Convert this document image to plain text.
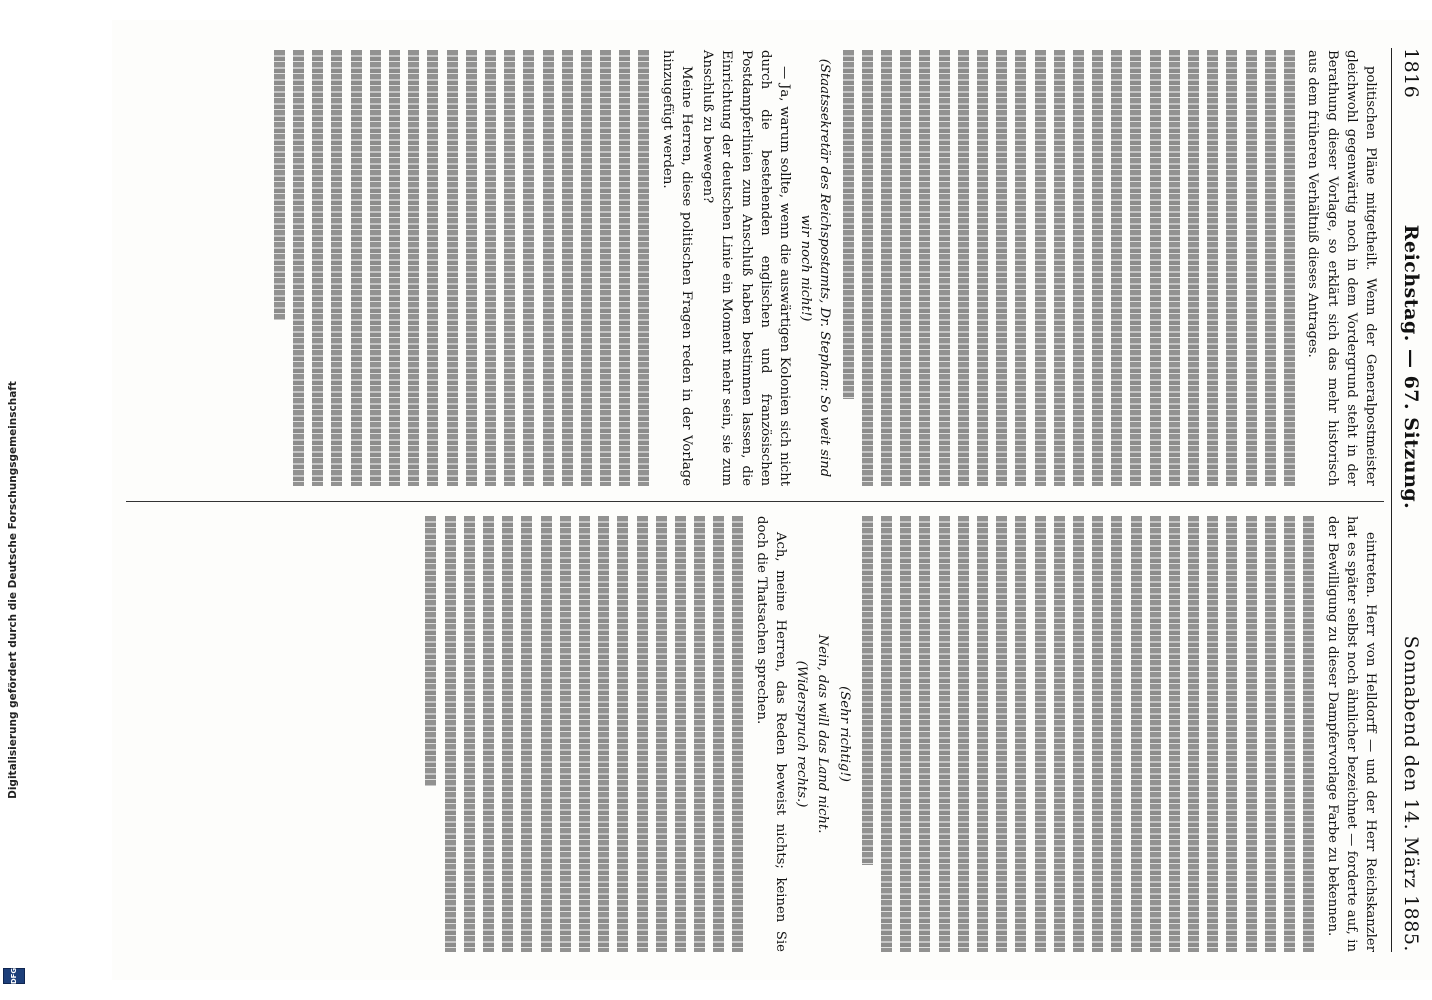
Digitalisierung gefördert durch die Deutsche Forschungsgemeinschaft
DFG
1816
Reichstag. — 67. Sitzung.
Sonnabend den 14. März 1885.

politischen Pläne mitgetheilt. Wenn der Generalpostmeister gleichwohl gegenwärtig noch in dem Vordergrund steht in der Berathung dieser Vorlage, so erklärt sich das mehr historisch aus dem früheren Verhältniß dieses Antrages.

(Staatssekretär des Reichspostamts, Dr. Stephan: So weit sind wir noch nicht!)

— Ja, warum sollte, wenn die auswärtigen Kolonien sich nicht durch die bestehenden englischen und französischen Postdampferlinien zum Anschluß haben bestimmen lassen, die Einrichtung der deutschen Linie ein Moment mehr sein, sie zum Anschluß zu bewegen?

Meine Herren, diese politischen Fragen reden in der Vorlage hinzugefügt werden.

eintreten. Herr von Helldorff — und der Herr Reichskanzler hat es später selbst noch ähnlicher bezeichnet — forderte auf, in der Bewilligung zu dieser Dampfervorlage Farbe zu bekennen.

(Sehr richtig!)

Nein, das will das Land nicht.

(Widerspruch rechts.)

Ach, meine Herren, das Reden beweist nichts; keinen Sie doch die Thatsachen sprechen.
